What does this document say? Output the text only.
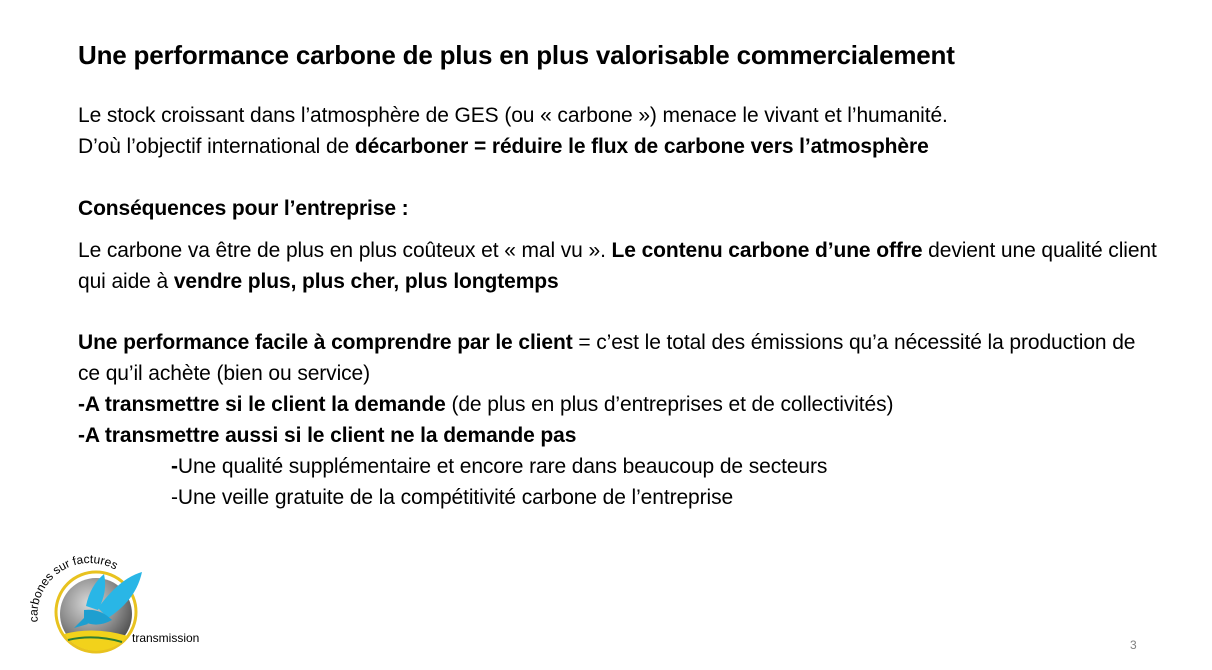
Une performance carbone de plus en plus valorisable commercialement
Le stock croissant dans l’atmosphère de GES (ou « carbone ») menace le vivant et l’humanité.
D’où l’objectif international de décarboner = réduire le flux de carbone vers l’atmosphère
Conséquences pour l’entreprise :
Le carbone va être de plus en plus coûteux et « mal vu ». Le contenu carbone d’une offre devient une qualité client qui aide à vendre plus, plus cher, plus longtemps
Une performance facile à comprendre par le client = c’est le total des émissions qu’a nécessité la production de ce qu’il achète (bien ou service)
-A transmettre si le client la demande (de plus en plus d’entreprises et de collectivités)
-A transmettre aussi si le client ne la demande pas
-Une qualité supplémentaire et encore rare dans beaucoup de secteurs
-Une veille gratuite de la compétitivité carbone de l’entreprise
carbones sur factures
transmission	3
